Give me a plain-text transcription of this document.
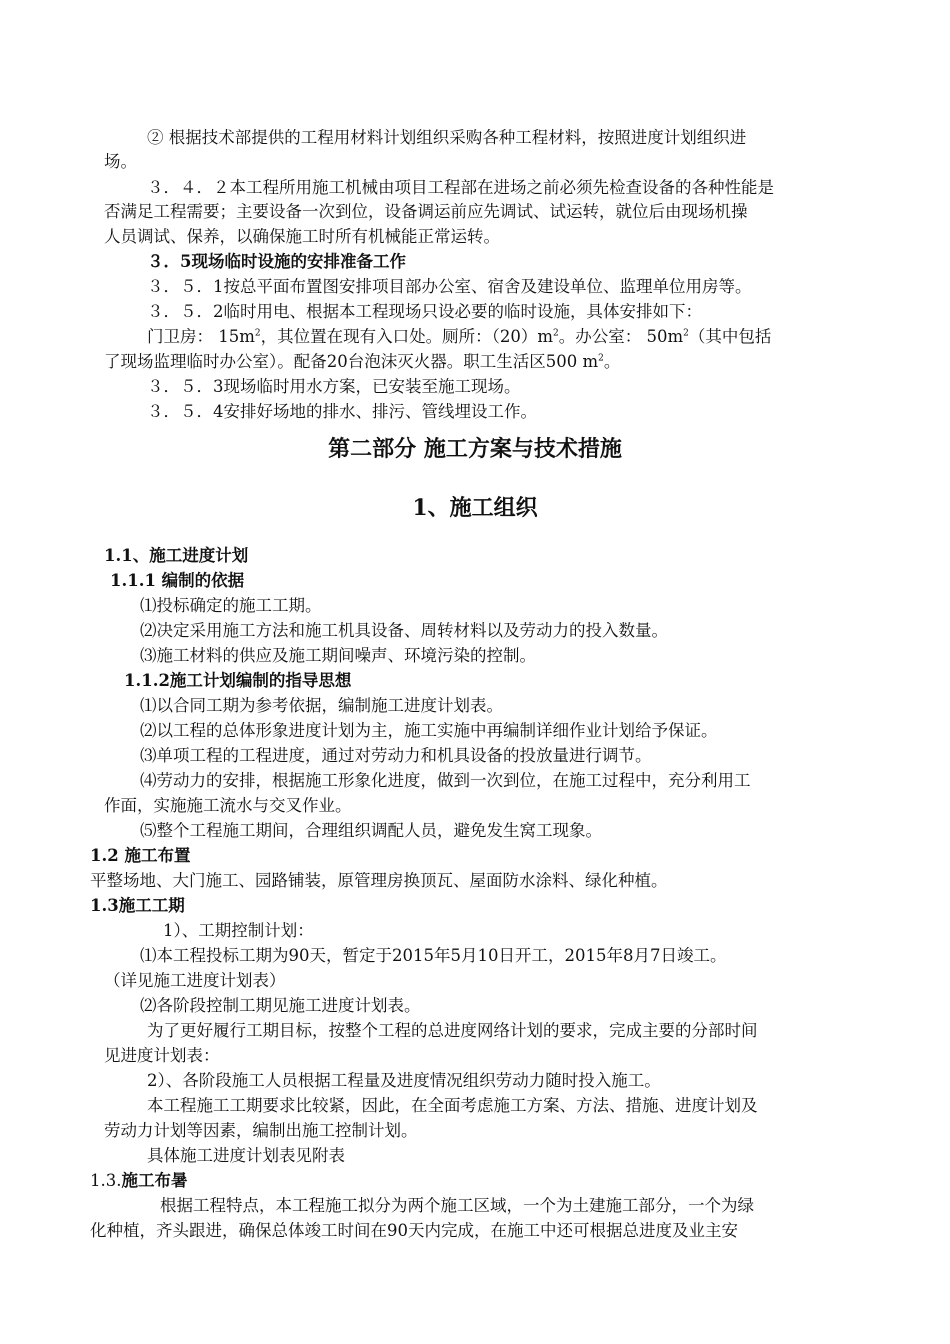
② 根据技术部提供的工程用材料计划组织采购各种工程材料，按照进度计划组织进
场。
３．４．２本工程所用施工机械由项目工程部在进场之前必须先检查设备的各种性能是
否满足工程需要；主要设备一次到位，设备调运前应先调试、试运转，就位后由现场机操
人员调试、保养，以确保施工时所有机械能正常运转。
３．5现场临时设施的安排准备工作
３．５．1按总平面布置图安排项目部办公室、宿舍及建设单位、监理单位用房等。
３．５．2临时用电、根据本工程现场只设必要的临时设施，具体安排如下：
门卫房： $15m^2$，其位置在现有入口处。厕所：$(20)m^2$。办公室： $50m^2$（其中包括
了现场监理临时办公室）。配备20台泡沫灭火器。职工生活区500 $m^2$。
３．５．3现场临时用水方案，已安装至施工现场。
３．５．4安排好场地的排水、排污、管线埋设工作。
第二部分 施工方案与技术措施
1、施工组织
1.1、施工进度计划
1.1.1 编制的依据
⑴投标确定的施工工期。
⑵决定采用施工方法和施工机具设备、周转材料以及劳动力的投入数量。
⑶施工材料的供应及施工期间噪声、环境污染的控制。
1.1.2施工计划编制的指导思想
⑴以合同工期为参考依据，编制施工进度计划表。
⑵以工程的总体形象进度计划为主，施工实施中再编制详细作业计划给予保证。
⑶单项工程的工程进度，通过对劳动力和机具设备的投放量进行调节。
⑷劳动力的安排，根据施工形象化进度，做到一次到位，在施工过程中，充分利用工
作面，实施施工流水与交叉作业。
⑸整个工程施工期间，合理组织调配人员，避免发生窝工现象。
1.2 施工布置
平整场地、大门施工、园路铺装，原管理房换顶瓦、屋面防水涂料、绿化种植。
1.3施工工期
1）、工期控制计划：
⑴本工程投标工期为90天，暂定于2015年5月10日开工，2015年8月7日竣工。
（详见施工进度计划表）
⑵各阶段控制工期见施工进度计划表。
为了更好履行工期目标，按整个工程的总进度网络计划的要求，完成主要的分部时间
见进度计划表：
2）、各阶段施工人员根据工程量及进度情况组织劳动力随时投入施工。
本工程施工工期要求比较紧，因此，在全面考虑施工方案、方法、措施、进度计划及
劳动力计划等因素，编制出施工控制计划。
具体施工进度计划表见附表
1.3.施工布暑
根据工程特点，本工程施工拟分为两个施工区域，一个为土建施工部分，一个为绿
化种植，齐头跟进，确保总体竣工时间在90天内完成，在施工中还可根据总进度及业主安
